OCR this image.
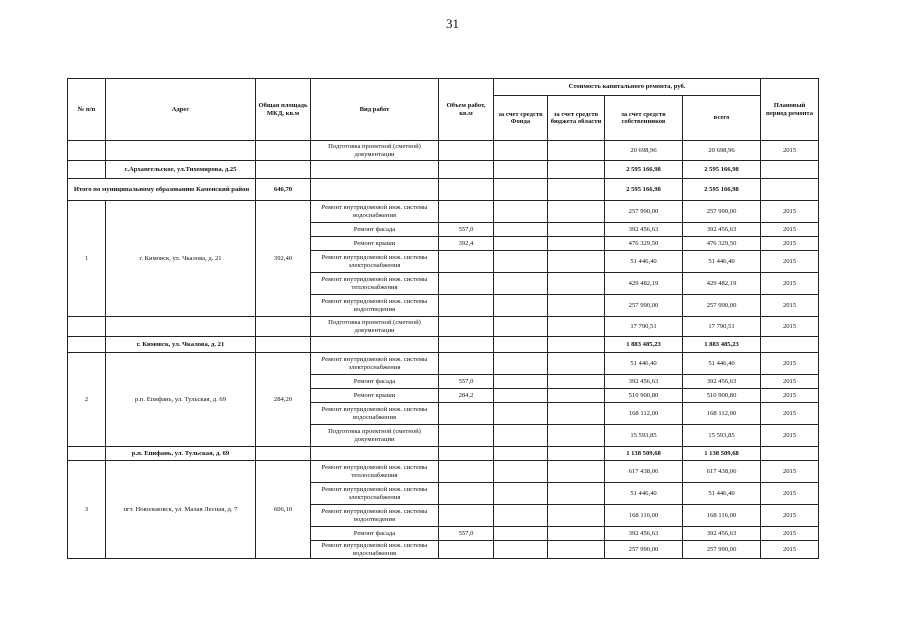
31
№ п/п	Адрес	Общая площадь МКД, кв.м	Вид работ	Объем работ, кв.м	Стоимость капитального ремонта, руб.				Плановый период ремонта
					за счет средств Фонда	за счет средств бюджета области	за счет средств собственников	всего	
			Подготовка проектной (сметной) документации				20 698,96	20 698,96	2015
	с.Архангельское, ул.Тихомирова, д.25						2 595 166,98	2 595 166,98	
Итого по муниципальному образованию Каменский район		646,70					2 595 166,98	2 595 166,98	
1	г. Кимовск, ул. Чкалова, д. 21	392,40	Ремонт внутридомовой инж. системы водоснабжения				257 990,00	257 990,00	2015
			Ремонт фасада	557,0			392 456,63	392 456,63	2015
			Ремонт крыши	392,4			476 329,50	476 329,50	2015
			Ремонт внутридомовой инж. системы электроснабжения				51 446,40	51 446,40	2015
			Ремонт внутридомовой инж. системы теплоснабжения				429 482,19	429 482,19	2015
			Ремонт внутридомовой инж. системы водоотведения				257 990,00	257 990,00	2015
			Подготовка проектной (сметной) документации				17 790,51	17 790,51	2015
	г. Кимовск, ул. Чкалова, д. 21						1 883 485,23	1 883 485,23	
2	р.п. Епифань, ул. Тульская, д. 69	284,20	Ремонт внутридомовой инж. системы электроснабжения				51 446,40	51 446,40	2015
			Ремонт фасада	557,0			392 456,63	392 456,63	2015
			Ремонт крыши	284,2			510 900,80	510 900,80	2015
			Ремонт внутридомовой инж. системы водоснабжения				168 112,00	168 112,00	2015
			Подготовка проектной (сметной) документации				15 593,85	15 593,85	2015
	р.п. Епифань, ул. Тульская, д. 69						1 138 509,68	1 138 509,68	
3	пгт. Новольвовск, ул. Малая Лесная, д. 7	606,10	Ремонт внутридомовой инж. системы теплоснабжения				617 438,06	617 438,06	2015
			Ремонт внутридомовой инж. системы электроснабжения				51 446,40	51 446,40	2015
			Ремонт внутридомовой инж. системы водоотведения				168 116,00	168 116,00	2015
			Ремонт фасада	557,0			392 456,63	392 456,63	2015
			Ремонт внутридомовой инж. системы водоснабжения				257 990,00	257 990,00	2015
